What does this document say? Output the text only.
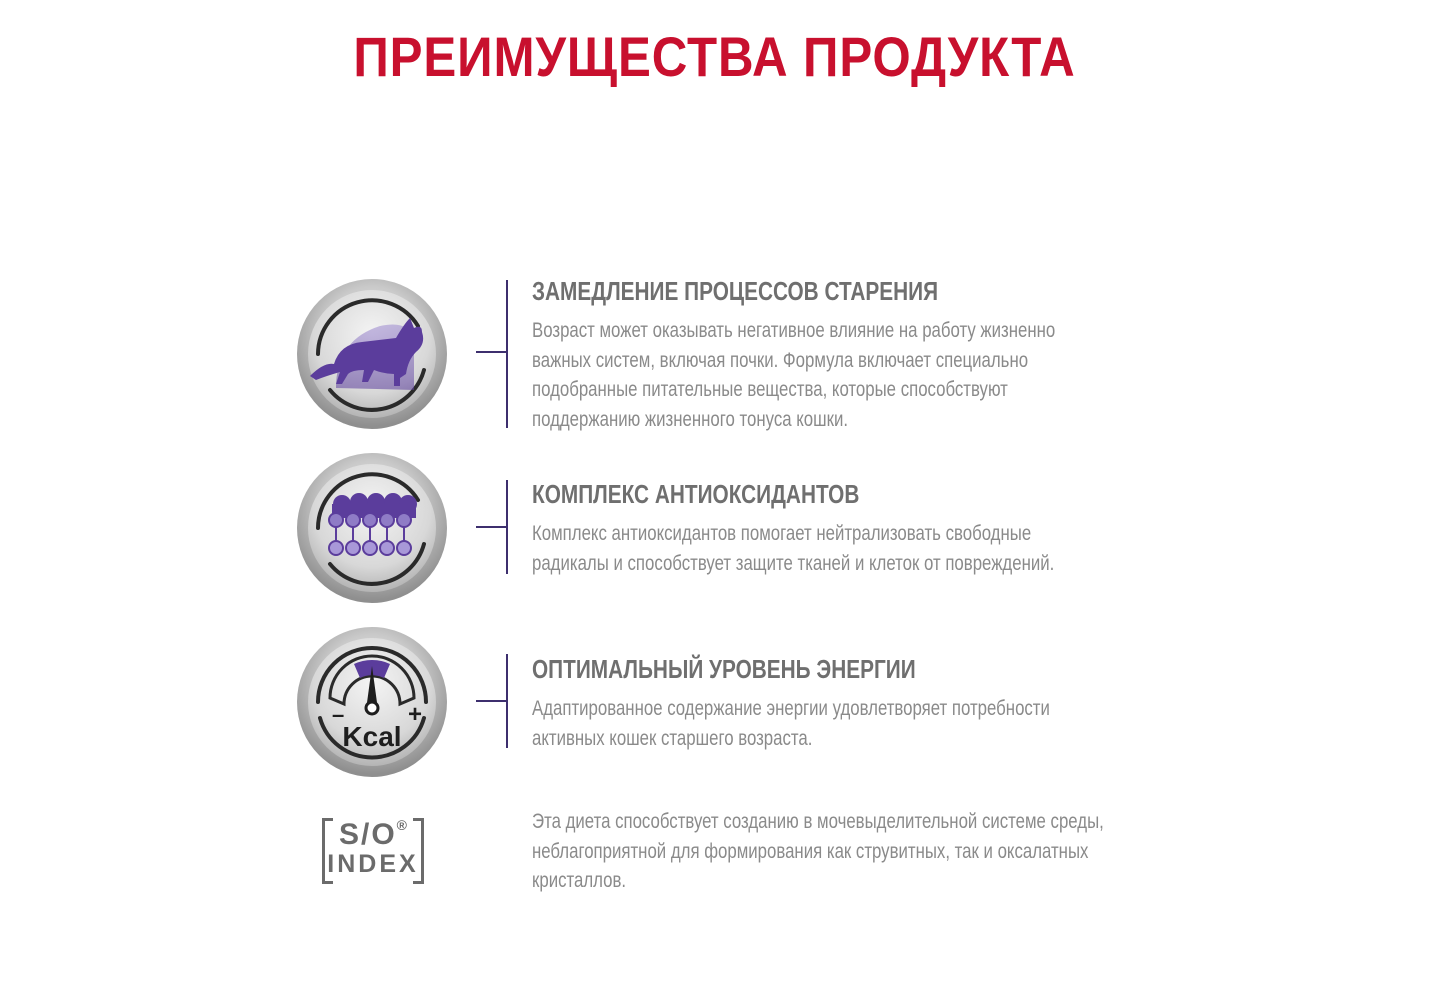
ПРЕИМУЩЕСТВА ПРОДУКТА
ЗАМЕДЛЕНИЕ ПРОЦЕССОВ СТАРЕНИЯ
Возраст может оказывать негативное влияние на работу жизненно
важных систем, включая почки. Формула включает специально
подобранные питательные вещества, которые способствуют
поддержанию жизненного тонуса кошки.
КОМПЛЕКС АНТИОКСИДАНТОВ
Комплекс антиоксидантов помогает нейтрализовать свободные
радикалы и способствует защите тканей и клеток от повреждений.
–	+
Kcal
ОПТИМАЛЬНЫЙ УРОВЕНЬ ЭНЕРГИИ
Адаптированное содержание энергии удовлетворяет потребности
активных кошек старшего возраста.
S/O®
INDEX
Эта диета способствует созданию в мочевыделительной системе среды,
неблагоприятной для формирования как струвитных, так и оксалатных
кристаллов.
